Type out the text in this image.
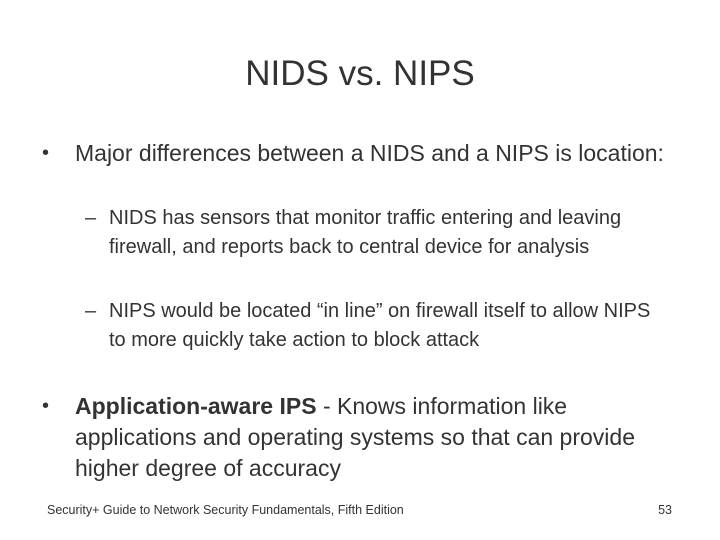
NIDS vs. NIPS
• Major differences between a NIDS and a NIPS is location:
– NIDS has sensors that monitor traffic entering and leaving firewall, and reports back to central device for analysis
– NIPS would be located “in line” on firewall itself to allow NIPS to more quickly take action to block attack
• Application-aware IPS - Knows information like applications and operating systems so that can provide higher degree of accuracy
Security+ Guide to Network Security Fundamentals, Fifth Edition	53
